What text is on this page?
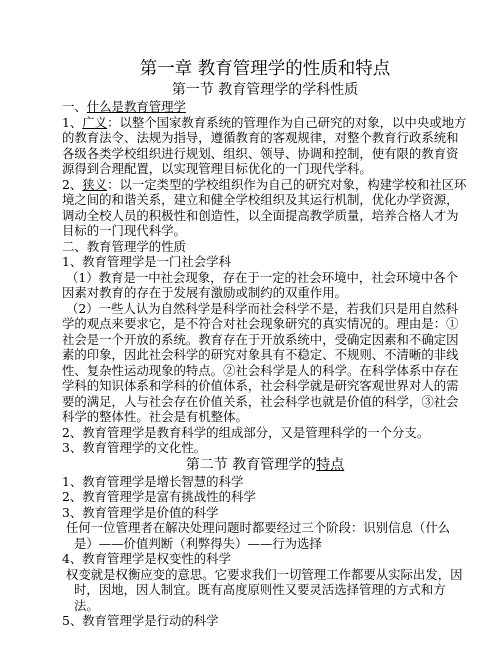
第一章 教育管理学的性质和特点
第一节 教育管理学的学科性质

一、什么是教育管理学

1、广义：以整个国家教育系统的管理作为自己研究的对象，以中央或地方的教育法令、法规为指导，遵循教育的客观规律，对整个教育行政系统和各级各类学校组织进行规划、组织、领导、协调和控制，使有限的教育资源得到合理配置，以实现管理目标优化的一门现代学科。

2、狭义：以一定类型的学校组织作为自己的研究对象，构建学校和社区环境之间的和谐关系，建立和健全学校组织及其运行机制，优化办学资源，调动全校人员的积极性和创造性，以全面提高教学质量，培养合格人才为目标的一门现代科学。

二、教育管理学的性质

1、教育管理学是一门社会学科

（1）教育是一中社会现象，存在于一定的社会环境中，社会环境中各个因素对教育的存在于发展有激励或制约的双重作用。

（2）一些人认为自然科学是科学而社会科学不是，若我们只是用自然科学的观点来要求它，是不符合对社会现象研究的真实情况的。理由是：①社会是一个开放的系统。教育存在于开放系统中，受确定因素和不确定因素的印象，因此社会科学的研究对象具有不稳定、不规则、不清晰的非线性、复杂性运动现象的特点。②社会科学是人的科学。在科学体系中存在学科的知识体系和学科的价值体系，社会科学就是研究客观世界对人的需要的满足，人与社会存在价值关系，社会科学也就是价值的科学，③社会科学的整体性。社会是有机整体。

2、教育管理学是教育科学的组成部分，又是管理科学的一个分支。

3、教育管理学的文化性。

第二节 教育管理学的特点

1、教育管理学是增长智慧的科学

2、教育管理学是富有挑战性的科学

3、教育管理学是价值的科学

任何一位管理者在解决处理问题时都要经过三个阶段：识别信息（什么是）——价值判断（利弊得失）——行为选择

4、教育管理学是权变性的科学

权变就是权衡应变的意思。它要求我们一切管理工作都要从实际出发，因时，因地，因人制宜。既有高度原则性又要灵活选择管理的方式和方法。

5、教育管理学是行动的科学
